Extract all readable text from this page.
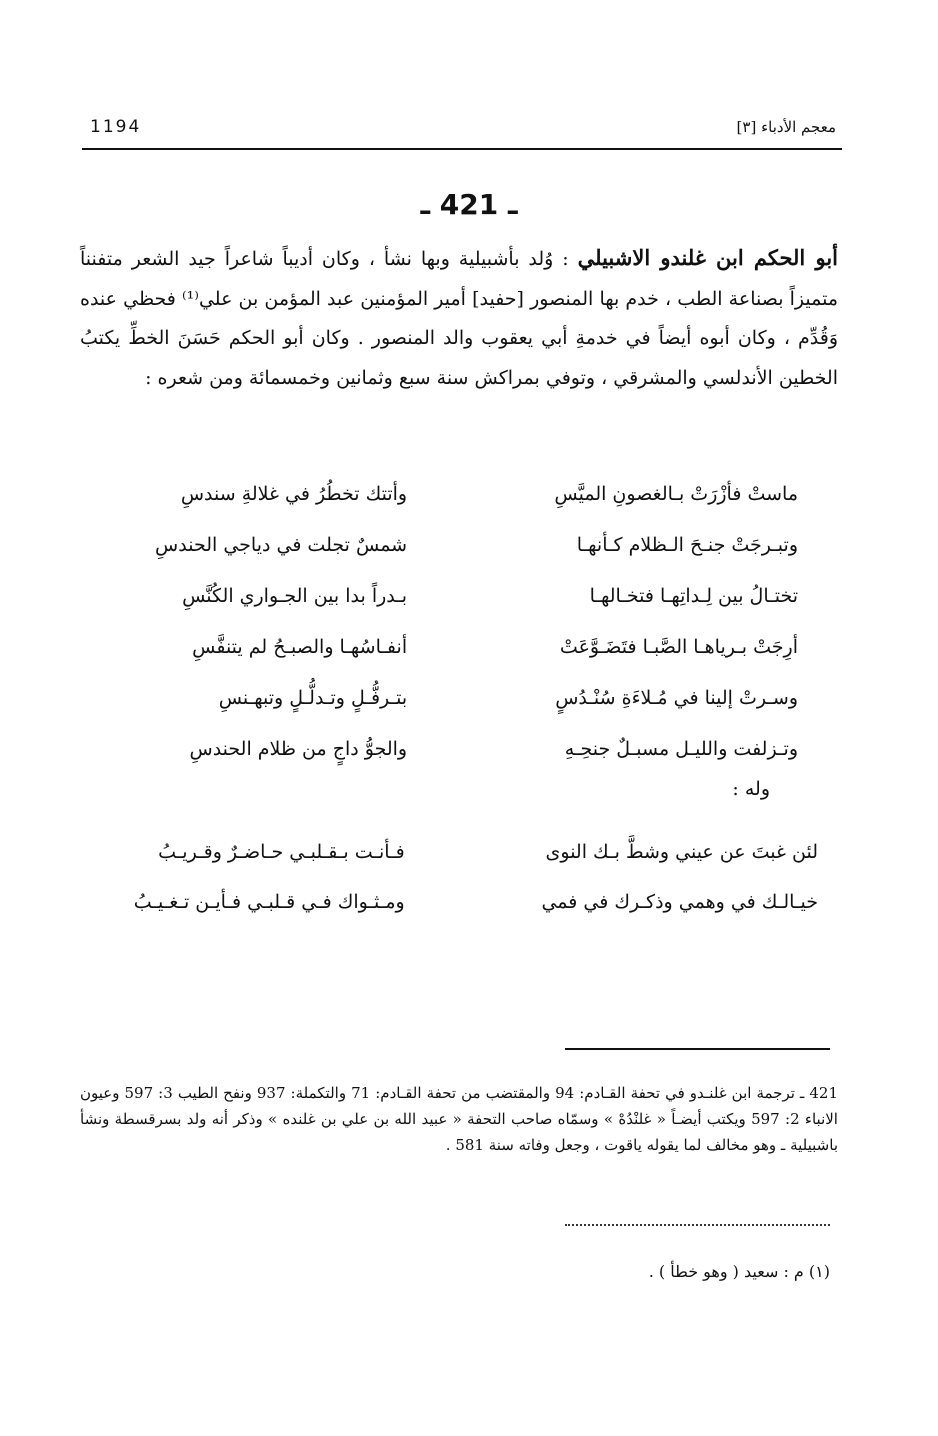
معجم الأدباء [٣]
1194
ـ 421 ـ
أبو الحكم ابن غلندو الاشبيلي : وُلد بأشبيلية وبها نشأ ، وكان أديباً شاعراً جيد الشعر متفنناً متميزاً بصناعة الطب ، خدم بها المنصور [حفيد] أمير المؤمنين عبد المؤمن بن علي⁽¹⁾ فحظي عنده وَقُدِّم ، وكان أبوه أيضاً في خدمةِ أبي يعقوب والد المنصور . وكان أبو الحكم حَسَنَ الخطِّ يكتبُ الخطين الأندلسي والمشرقي ، وتوفي بمراكش سنة سبع وثمانين وخمسمائة ومن شعره :
ماستْ فأزْرَتْ بـالغصونِ الميَّسِ
وأتتك تخطُرُ في غلالةِ سندسِ
وتبـرجَتْ جنـحَ الـظلام كـأنهـا
شمسٌ تجلت في دياجي الحندسِ
تختـالُ بين لِـداتِهـا فتخـالهـا
بـدراً بدا بين الجـواري الكُنَّسِ
أرِجَتْ بـرياهـا الصَّبـا فتَضَـوَّعَتْ
أنفـاسُهـا والصبـحُ لم يتنفَّسِ
وسـرتْ إلينا في مُـلاءَةِ سُنْـدُسٍ
بتـرفُّـلٍ وتـدلُّـلٍ وتبهـنسِ
وتـزلفت والليـل مسبـلٌ جنحِـهِ
والجوُّ داجٍ من ظلام الحندسِ
وله :
لئن غبتَ عن عيني وشطَّ بـك النوى
فـأنـت بـقـلبـي حـاضـرٌ وقـريـبُ
خيـالـك في وهمي وذكـرك في فمي
ومـثـواك فـي قـلبـي فـأيـن تـغـيـبُ
421 ـ ترجمة ابن غلنـدو في تحفة القـادم: 94 والمقتضب من تحفة القـادم: 71 والتكملة: 937 ونفح الطيب 3: 597 وعيون الانباء 2: 597 ويكتب أيضـاً « غلنْدُهْ » وسمّاه صاحب التحفة « عبيد الله بن علي بن غلنده » وذكر أنه ولد بسرقسطة ونشأ باشبيلية ـ وهو مخالف لما يقوله ياقوت ، وجعل وفاته سنة 581 .
(١) م : سعيد ( وهو خطأ ) .
